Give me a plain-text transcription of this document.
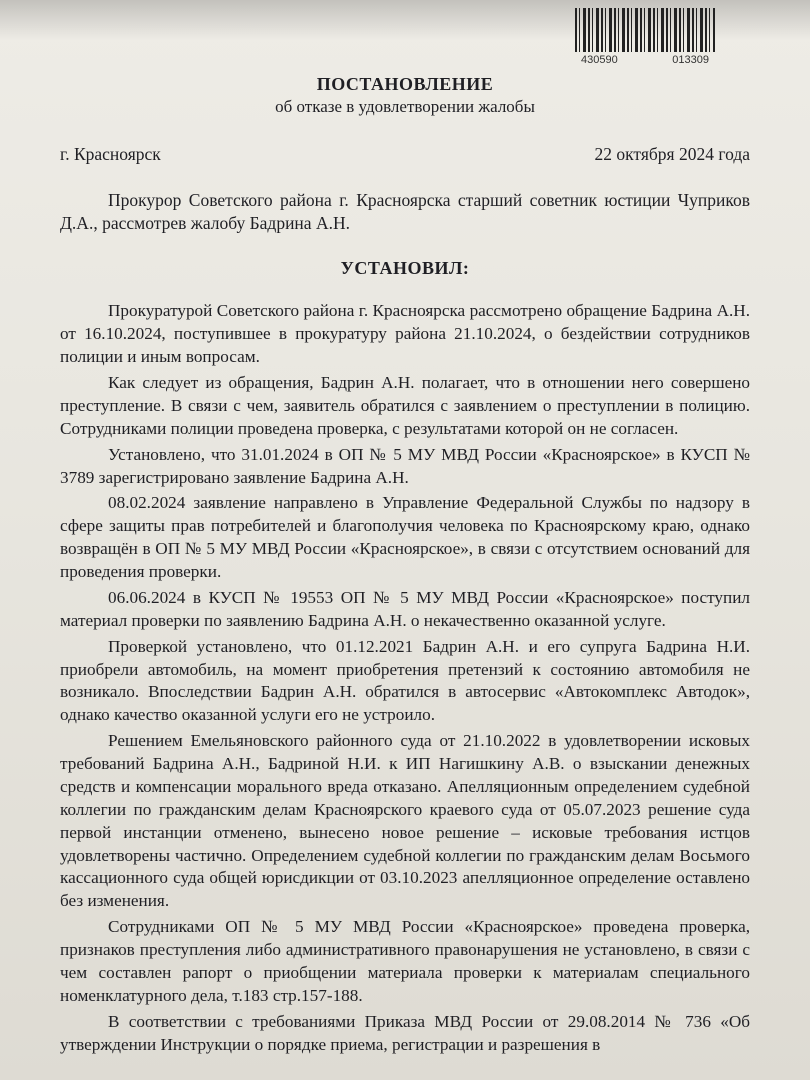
430590	013309

ПОСТАНОВЛЕНИЕ

об отказе в удовлетворении жалобы

г. Красноярск	22 октября 2024 года

Прокурор Советского района г. Красноярска старший советник юстиции Чуприков Д.А., рассмотрев жалобу Бадрина А.Н.

УСТАНОВИЛ:

Прокуратурой Советского района г. Красноярска рассмотрено обращение Бадрина А.Н. от 16.10.2024, поступившее в прокуратуру района 21.10.2024, о бездействии сотрудников полиции и иным вопросам.

Как следует из обращения, Бадрин А.Н. полагает, что в отношении него совершено преступление. В связи с чем, заявитель обратился с заявлением о преступлении в полицию. Сотрудниками полиции проведена проверка, с результатами которой он не согласен.

Установлено, что 31.01.2024 в ОП № 5 МУ МВД России «Красноярское» в КУСП № 3789 зарегистрировано заявление Бадрина А.Н.

08.02.2024 заявление направлено в Управление Федеральной Службы по надзору в сфере защиты прав потребителей и благополучия человека по Красноярскому краю, однако возвращён в ОП № 5 МУ МВД России «Красноярское», в связи с отсутствием оснований для проведения проверки.

06.06.2024 в КУСП № 19553 ОП № 5 МУ МВД России «Красноярское» поступил материал проверки по заявлению Бадрина А.Н. о некачественно оказанной услуге.

Проверкой установлено, что 01.12.2021 Бадрин А.Н. и его супруга Бадрина Н.И. приобрели автомобиль, на момент приобретения претензий к состоянию автомобиля не возникало. Впоследствии Бадрин А.Н. обратился в автосервис «Автокомплекс Автодок», однако качество оказанной услуги его не устроило.

Решением Емельяновского районного суда от 21.10.2022 в удовлетворении исковых требований Бадрина А.Н., Бадриной Н.И. к ИП Нагишкину А.В. о взыскании денежных средств и компенсации морального вреда отказано. Апелляционным определением судебной коллегии по гражданским делам Красноярского краевого суда от 05.07.2023 решение суда первой инстанции отменено, вынесено новое решение – исковые требования истцов удовлетворены частично. Определением судебной коллегии по гражданским делам Восьмого кассационного суда общей юрисдикции от 03.10.2023 апелляционное определение оставлено без изменения.

Сотрудниками ОП № 5 МУ МВД России «Красноярское» проведена проверка, признаков преступления либо административного правонарушения не установлено, в связи с чем составлен рапорт о приобщении материала проверки к материалам специального номенклатурного дела, т.183 стр.157-188.

В соответствии с требованиями Приказа МВД России от 29.08.2014 № 736 «Об утверждении Инструкции о порядке приема, регистрации и разрешения в
